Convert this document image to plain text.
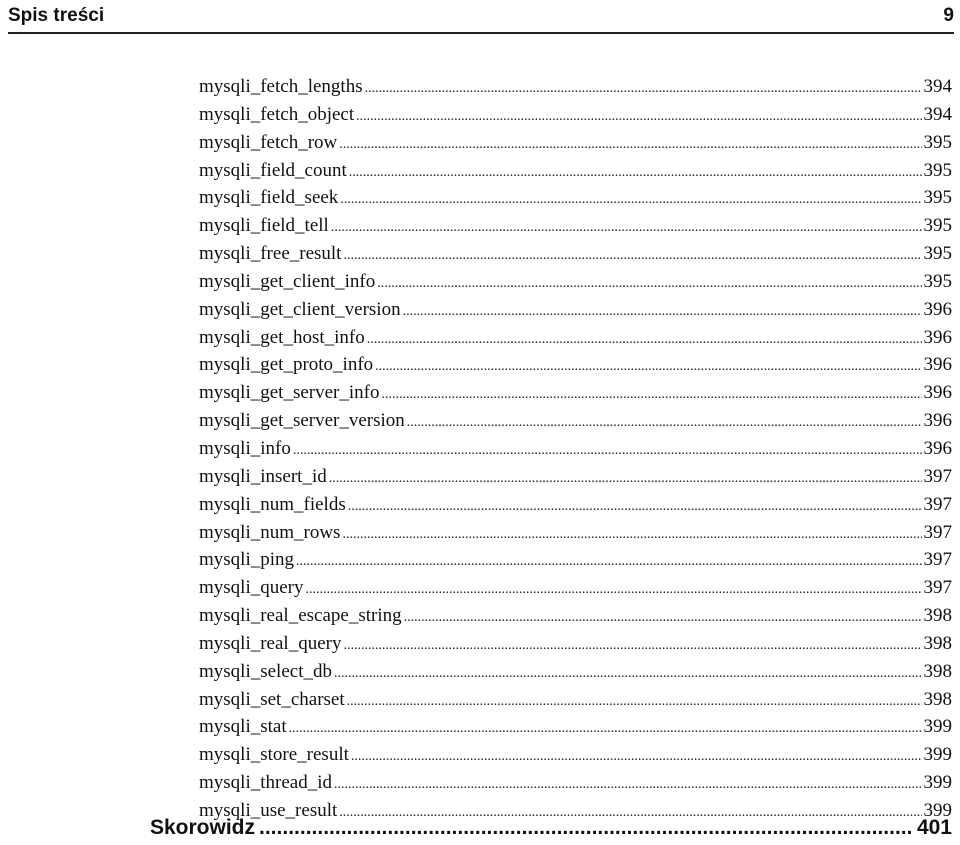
Spis treści	9
mysqli_fetch_lengths .....	394
mysqli_fetch_object .....	394
mysqli_fetch_row .....	395
mysqli_field_count .....	395
mysqli_field_seek .....	395
mysqli_field_tell .....	395
mysqli_free_result .....	395
mysqli_get_client_info .....	395
mysqli_get_client_version .....	396
mysqli_get_host_info .....	396
mysqli_get_proto_info .....	396
mysqli_get_server_info .....	396
mysqli_get_server_version .....	396
mysqli_info .....	396
mysqli_insert_id .....	397
mysqli_num_fields .....	397
mysqli_num_rows .....	397
mysqli_ping .....	397
mysqli_query .....	397
mysqli_real_escape_string .....	398
mysqli_real_query .....	398
mysqli_select_db .....	398
mysqli_set_charset .....	398
mysqli_stat .....	399
mysqli_store_result .....	399
mysqli_thread_id .....	399
mysqli_use_result .....	399
Skorowidz .....	401
